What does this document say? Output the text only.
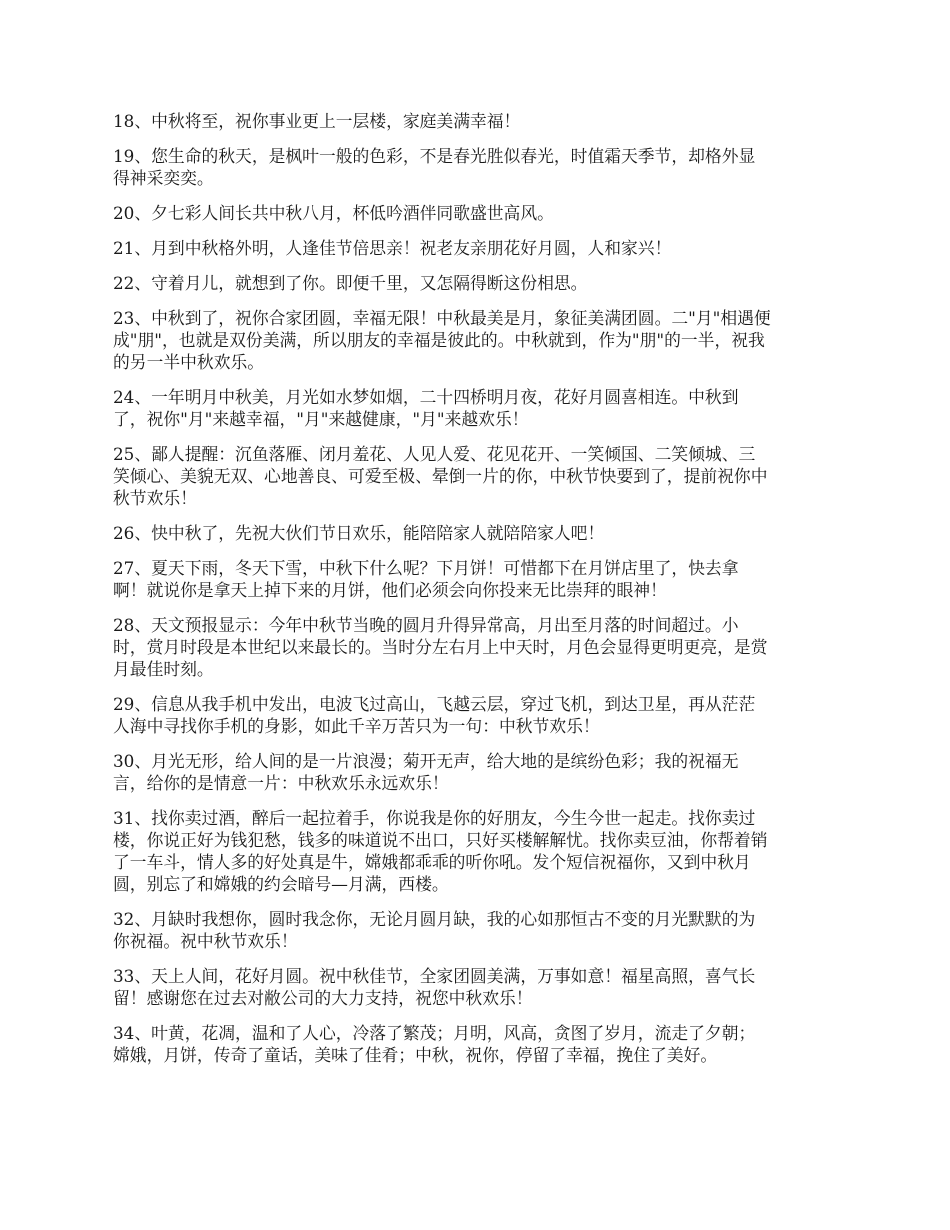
18、中秋将至，祝你事业更上一层楼，家庭美满幸福！

19、您生命的秋天，是枫叶一般的色彩，不是春光胜似春光，时值霜天季节，却格外显
得神采奕奕。

20、夕七彩人间长共中秋八月，杯低吟酒伴同歌盛世高风。

21、月到中秋格外明，人逢佳节倍思亲！祝老友亲朋花好月圆，人和家兴！

22、守着月儿，就想到了你。即便千里，又怎隔得断这份相思。

23、中秋到了，祝你合家团圆，幸福无限！中秋最美是月，象征美满团圆。二"月"相遇便
成"朋"，也就是双份美满，所以朋友的幸福是彼此的。中秋就到，作为"朋"的一半，祝我
的另一半中秋欢乐。

24、一年明月中秋美，月光如水梦如烟，二十四桥明月夜，花好月圆喜相连。中秋到
了，祝你"月"来越幸福，"月"来越健康，"月"来越欢乐！

25、鄙人提醒：沉鱼落雁、闭月羞花、人见人爱、花见花开、一笑倾国、二笑倾城、三
笑倾心、美貌无双、心地善良、可爱至极、晕倒一片的你，中秋节快要到了，提前祝你中
秋节欢乐！

26、快中秋了，先祝大伙们节日欢乐，能陪陪家人就陪陪家人吧！

27、夏天下雨，冬天下雪，中秋下什么呢？下月饼！可惜都下在月饼店里了，快去拿
啊！就说你是拿天上掉下来的月饼，他们必须会向你投来无比崇拜的眼神！

28、天文预报显示：今年中秋节当晚的圆月升得异常高，月出至月落的时间超过。小
时，赏月时段是本世纪以来最长的。当时分左右月上中天时，月色会显得更明更亮，是赏
月最佳时刻。

29、信息从我手机中发出，电波飞过高山，飞越云层，穿过飞机，到达卫星，再从茫茫
人海中寻找你手机的身影，如此千辛万苦只为一句：中秋节欢乐！

30、月光无形，给人间的是一片浪漫；菊开无声，给大地的是缤纷色彩；我的祝福无
言，给你的是情意一片：中秋欢乐永远欢乐！

31、找你卖过酒，醉后一起拉着手，你说我是你的好朋友，今生今世一起走。找你卖过
楼，你说正好为钱犯愁，钱多的味道说不出口，只好买楼解解忧。找你卖豆油，你帮着销
了一车斗，情人多的好处真是牛，嫦娥都乖乖的听你吼。发个短信祝福你，又到中秋月
圆，别忘了和嫦娥的约会暗号—月满，西楼。

32、月缺时我想你，圆时我念你，无论月圆月缺，我的心如那恒古不变的月光默默的为
你祝福。祝中秋节欢乐！

33、天上人间，花好月圆。祝中秋佳节，全家团圆美满，万事如意！福星高照，喜气长
留！感谢您在过去对敝公司的大力支持，祝您中秋欢乐！

34、叶黄，花凋，温和了人心，冷落了繁茂；月明，风高，贪图了岁月，流走了夕朝；
嫦娥，月饼，传奇了童话，美味了佳肴；中秋，祝你，停留了幸福，挽住了美好。
